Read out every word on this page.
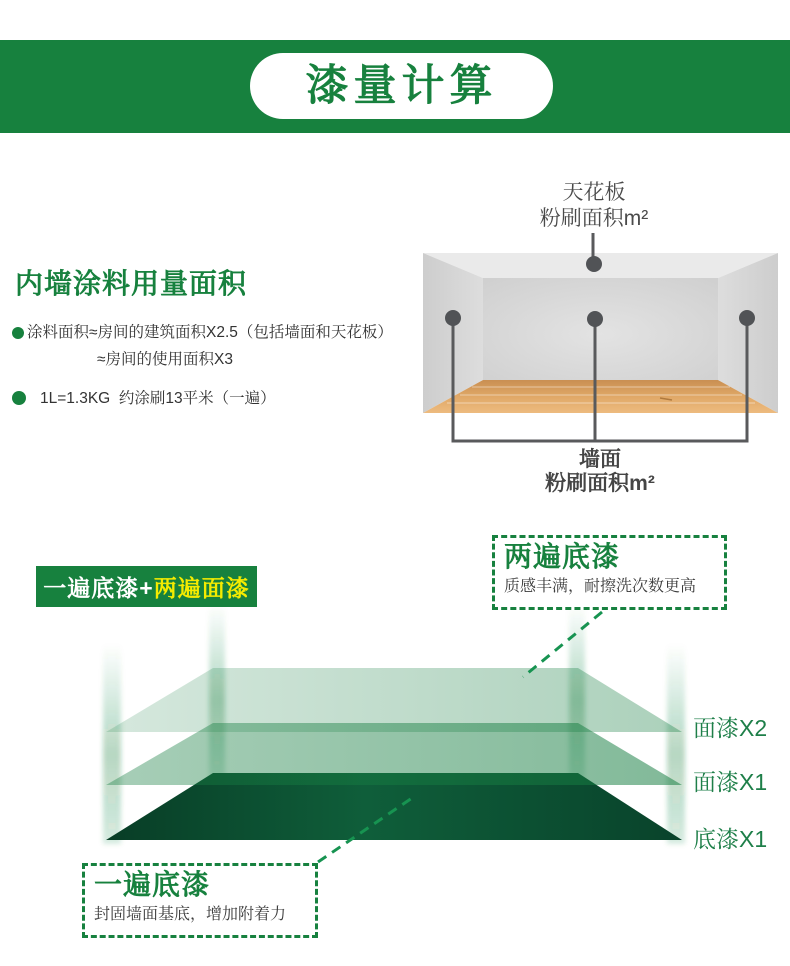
漆量计算
天花板
粉刷面积m²
墙面
粉刷面积m²
内墙涂料用量面积
涂料面积≈房间的建筑面积X2.5（包括墙面和天花板）
≈房间的使用面积X3
1L=1.3KG  约涂刷13平米（一遍）
一遍底漆+ 两遍面漆
两遍底漆
质感丰满，耐擦洗次数更高
一遍底漆
封固墙面基底，增加附着力
面漆X2
面漆X1
底漆X1
